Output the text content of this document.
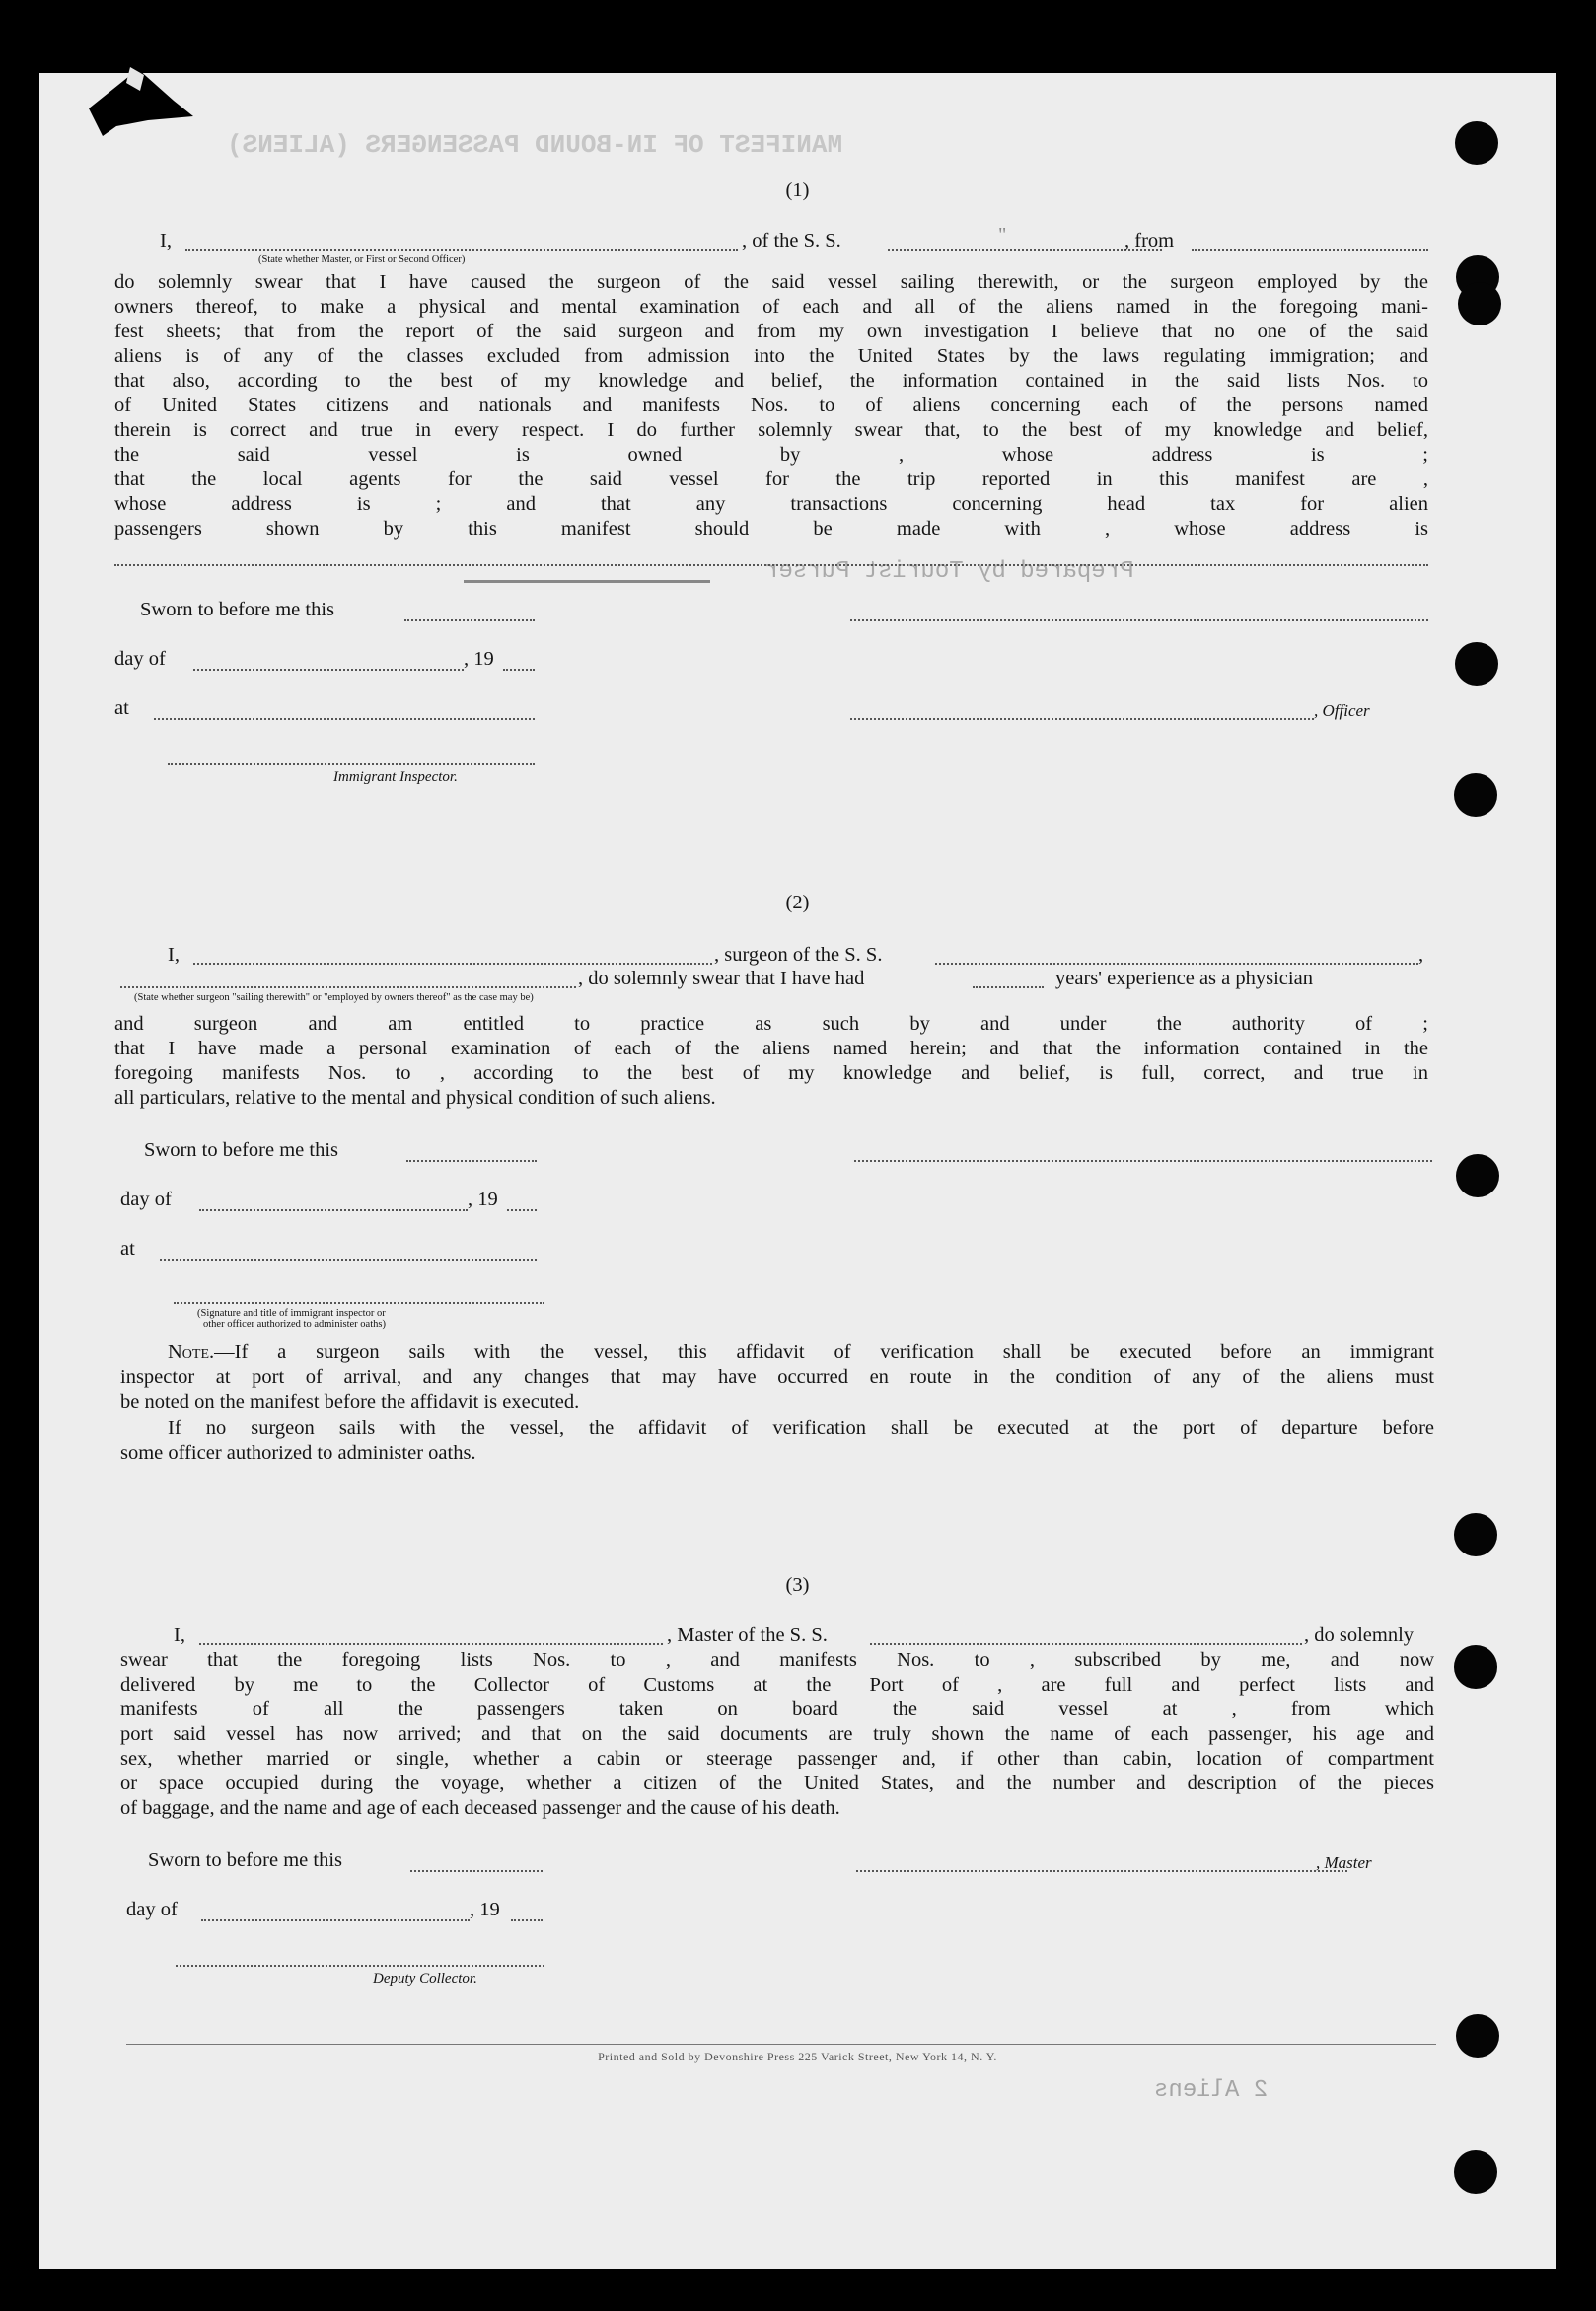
MANIFEST OF IN-BOUND PASSENGERS (ALIENS)
Prepared by Tourist Purser
2 Aliens
(1)
I,	, of the S. S.	"	, from
(State whether Master, or First or Second Officer)
do solemnly swear that I have caused the surgeon of the said vessel sailing therewith, or the surgeon employed by the
owners thereof, to make a physical and mental examination of each and all of the aliens named in the foregoing mani-
fest sheets; that from the report of the said surgeon and from my own investigation I believe that no one of the said
aliens is of any of the classes excluded from admission into the United States by the laws regulating immigration; and
that also, according to the best of my knowledge and belief, the information contained in the said lists Nos. to
of United States citizens and nationals and manifests Nos. to of aliens concerning each of the persons named
therein is correct and true in every respect. I do further solemnly swear that, to the best of my knowledge and belief,
the said vessel is owned by , whose address is ;
that the local agents for the said vessel for the trip reported in this manifest are ,
whose address is ; and that any transactions concerning head tax for alien
passengers shown by this manifest should be made with , whose address is
Sworn to before me this
day of	, 19
at	, Officer
Immigrant Inspector.
(2)
I,	, surgeon of the S. S.	,
, do solemnly swear that I have had	years' experience as a physician
(State whether surgeon "sailing therewith" or "employed by owners thereof" as the case may be)
and surgeon and am entitled to practice as such by and under the authority of ;
that I have made a personal examination of each of the aliens named herein; and that the information contained in the
foregoing manifests Nos. to , according to the best of my knowledge and belief, is full, correct, and true in
all particulars, relative to the mental and physical condition of such aliens.
Sworn to before me this
day of	, 19
at
(Signature and title of immigrant inspector or
other officer authorized to administer oaths)
Note.—If a surgeon sails with the vessel, this affidavit of verification shall be executed before an immigrant
inspector at port of arrival, and any changes that may have occurred en route in the condition of any of the aliens must
be noted on the manifest before the affidavit is executed.
If no surgeon sails with the vessel, the affidavit of verification shall be executed at the port of departure before
some officer authorized to administer oaths.
(3)
I,	, Master of the S. S.	, do solemnly
swear that the foregoing lists Nos. to , and manifests Nos. to , subscribed by me, and now
delivered by me to the Collector of Customs at the Port of , are full and perfect lists and
manifests of all the passengers taken on board the said vessel at , from which
port said vessel has now arrived; and that on the said documents are truly shown the name of each passenger, his age and
sex, whether married or single, whether a cabin or steerage passenger and, if other than cabin, location of compartment
or space occupied during the voyage, whether a citizen of the United States, and the number and description of the pieces
of baggage, and the name and age of each deceased passenger and the cause of his death.
Sworn to before me this	, Master
day of	, 19
Deputy Collector.
Printed and Sold by Devonshire Press 225 Varick Street, New York 14, N. Y.
